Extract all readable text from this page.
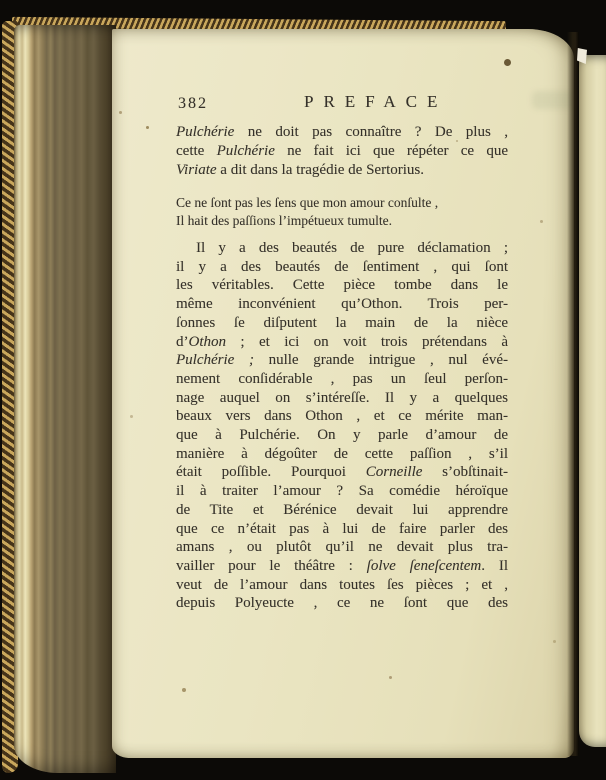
382	PREFACE
Pulchérie ne doit pas connaître ? De plus ,
cette Pulchérie ne fait ici que répéter ce que
Viriate a dit dans la tragédie de Sertorius.
Ce ne ſont pas les ſens que mon amour conſulte ,
Il hait des paſſions l’impétueux tumulte.
Il y a des beautés de pure déclamation ;
il y a des beautés de ſentiment , qui ſont
les véritables. Cette pièce tombe dans le
même inconvénient qu’Othon. Trois per-
ſonnes ſe diſputent la main de la nièce
d’Othon ; et ici on voit trois prétendans à
Pulchérie ; nulle grande intrigue , nul évé-
nement conſidérable , pas un ſeul perſon-
nage auquel on s’intéreſſe. Il y a quelques
beaux vers dans Othon , et ce mérite man-
que à Pulchérie. On y parle d’amour de
manière à dégoûter de cette paſſion , s’il
était poſſible. Pourquoi Corneille s’obſtinait-
il à traiter l’amour ? Sa comédie héroïque
de Tite et Bérénice devait lui apprendre
que ce n’était pas à lui de faire parler des
amans , ou plutôt qu’il ne devait plus tra-
vailler pour le théâtre : ſolve ſeneſcentem. Il
veut de l’amour dans toutes ſes pièces ; et ,
depuis Polyeucte , ce ne ſont que des
